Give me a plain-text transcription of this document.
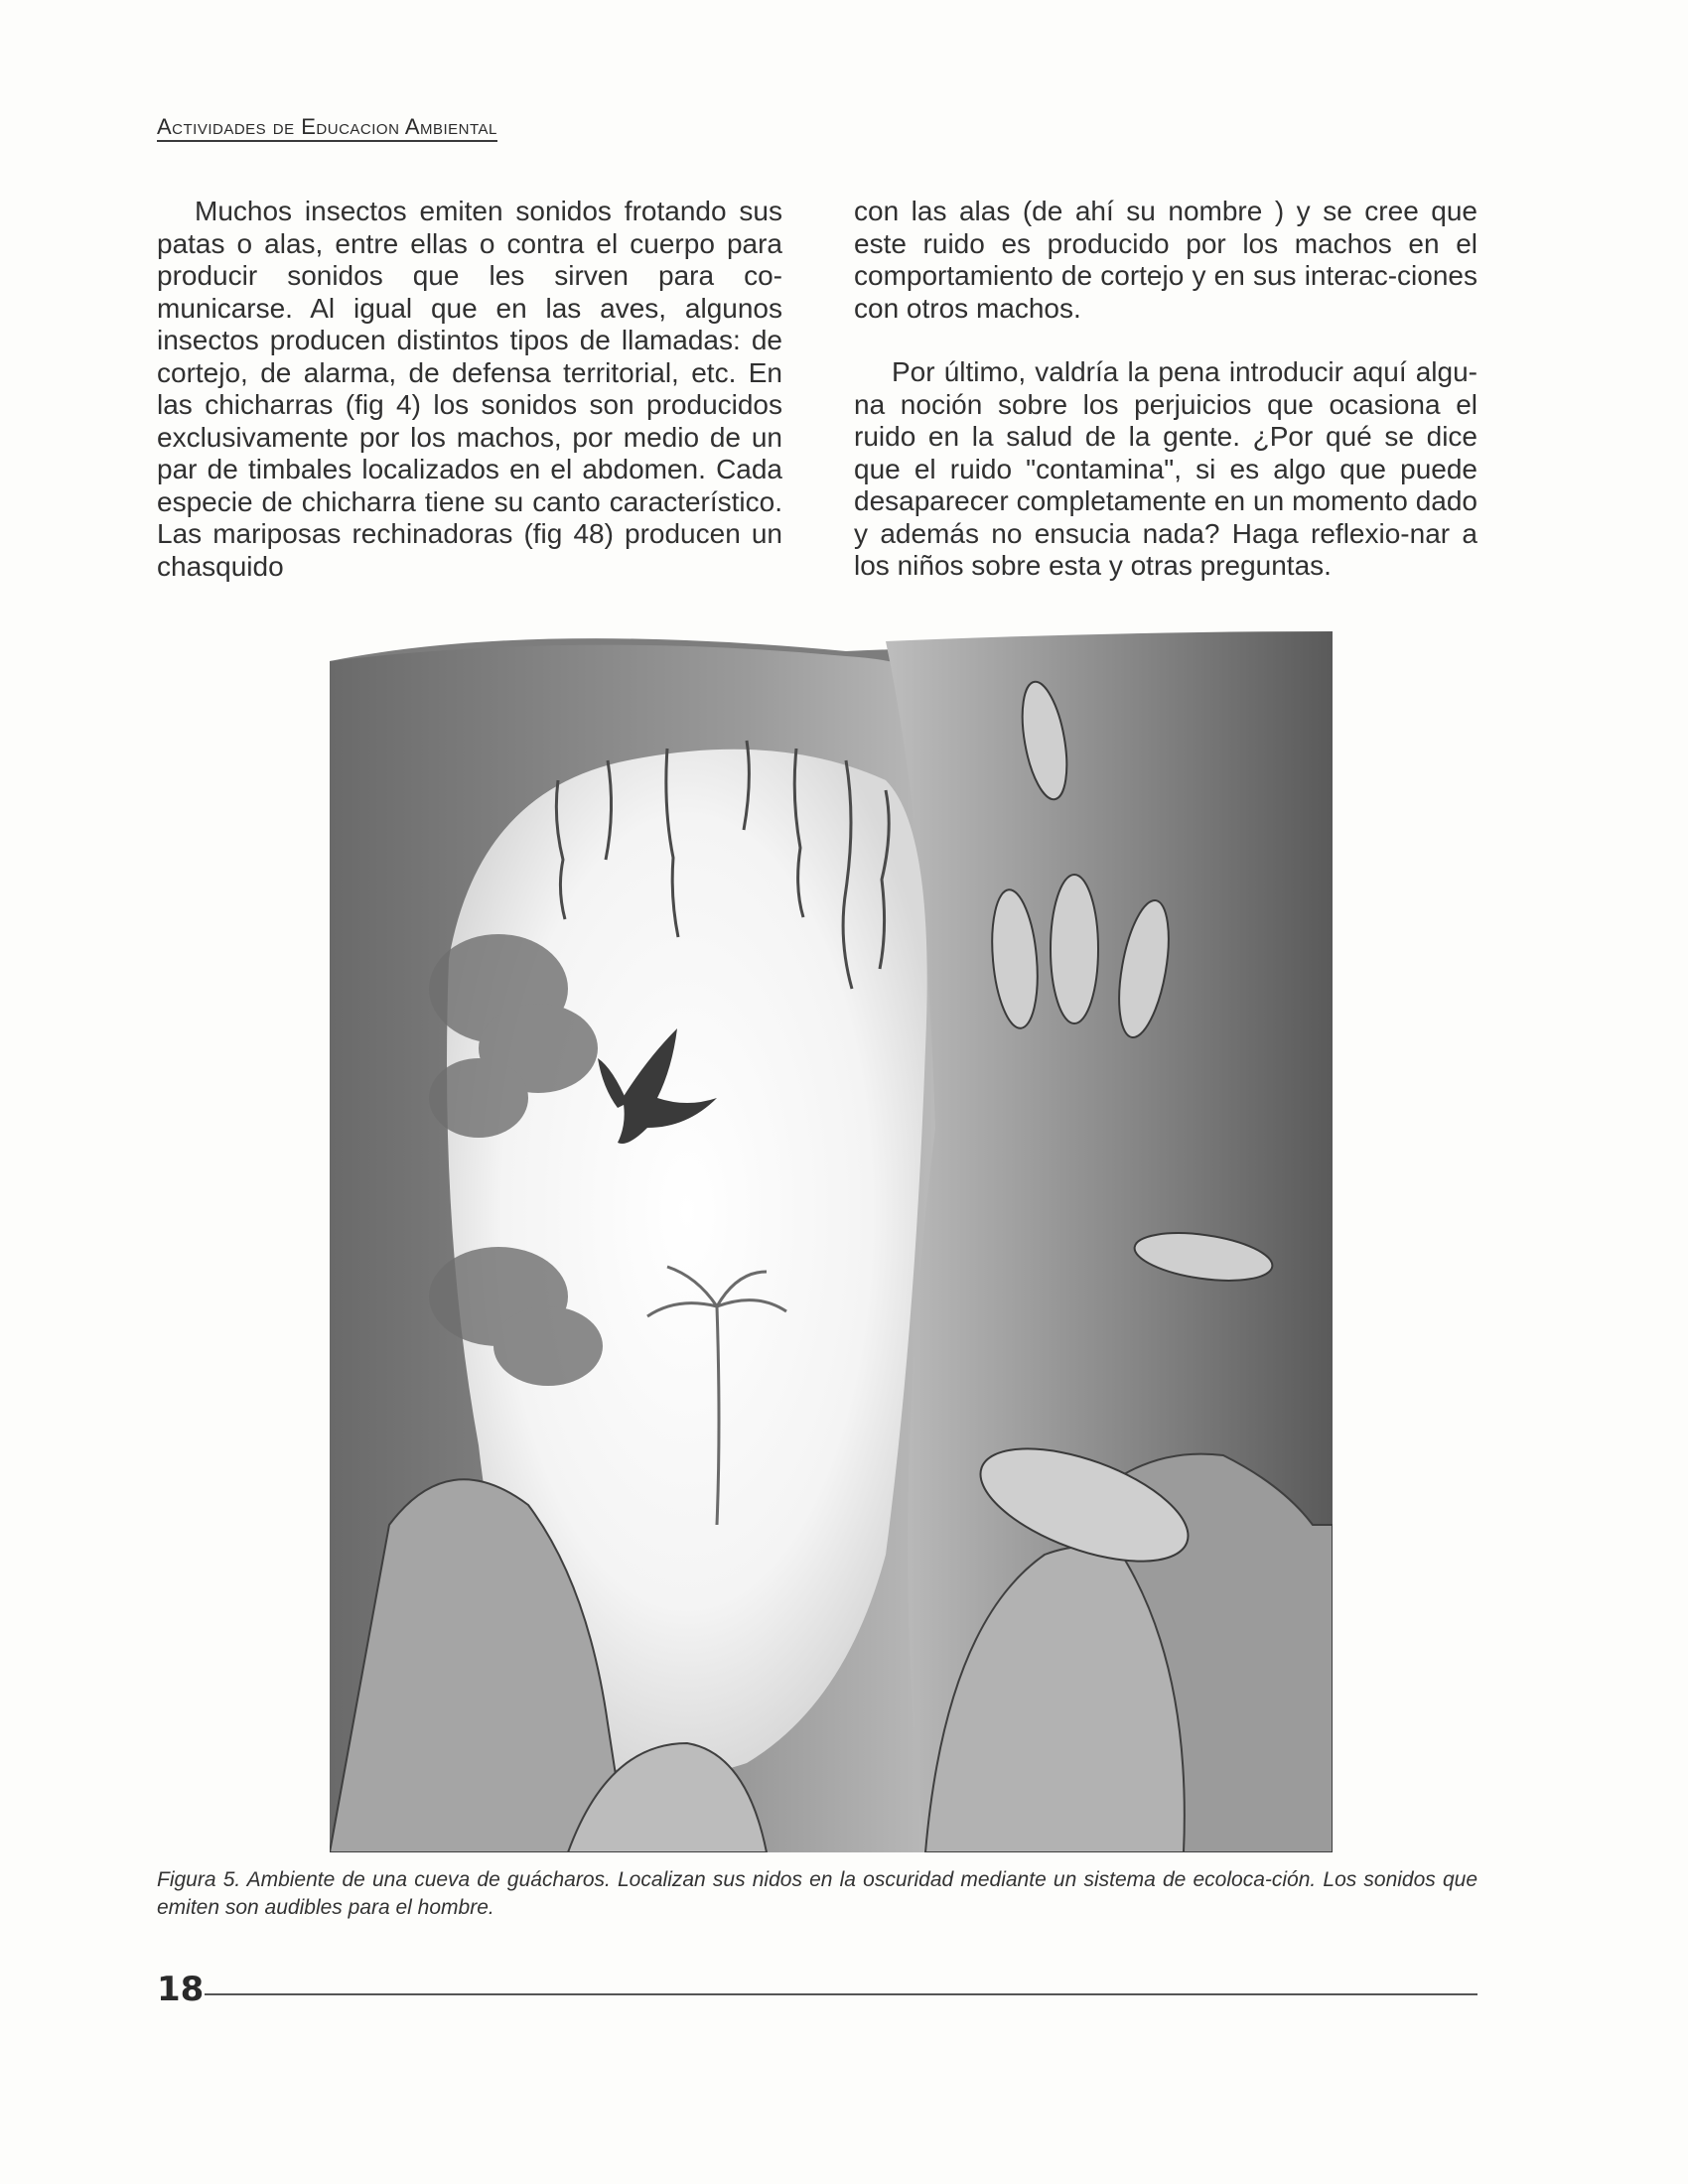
Actividades de Educacion Ambiental

Muchos insectos emiten sonidos frotando sus patas o alas, entre ellas o contra el cuerpo para producir sonidos que les sirven para co-municarse. Al igual que en las aves, algunos insectos producen distintos tipos de llamadas: de cortejo, de alarma, de defensa territorial, etc. En las chicharras (fig 4) los sonidos son producidos exclusivamente por los machos, por medio de un par de timbales localizados en el abdomen. Cada especie de chicharra tiene su canto característico. Las mariposas rechinadoras (fig 48) producen un chasquido

con las alas (de ahí su nombre ) y se cree que este ruido es producido por los machos en el comportamiento de cortejo y en sus interac-ciones con otros machos.

Por último, valdría la pena introducir aquí algu-na noción sobre los perjuicios que ocasiona el ruido en la salud de la gente. ¿Por qué se dice que el ruido "contamina", si es algo que puede desaparecer completamente en un momento dado y además no ensucia nada? Haga reflexio-nar a los niños sobre esta y otras preguntas.

Figura 5. Ambiente de una cueva de guácharos. Localizan sus nidos en la oscuridad mediante un sistema de ecoloca-ción. Los sonidos que emiten son audibles para el hombre.
18
